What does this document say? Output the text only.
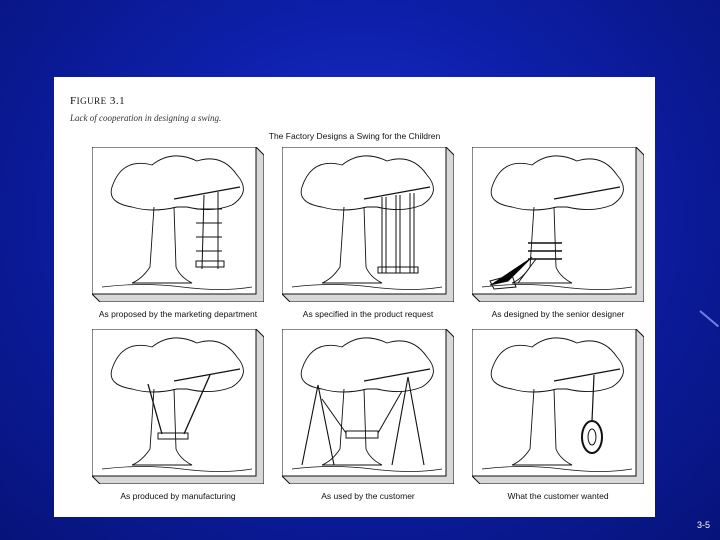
FIGURE 3.1
Lack of cooperation in designing a swing.
The Factory Designs a Swing for the Children
As proposed by the marketing department	As specified in the product request	As designed by the senior designer
As produced by manufacturing	As used by the customer	What the customer wanted
3-5
